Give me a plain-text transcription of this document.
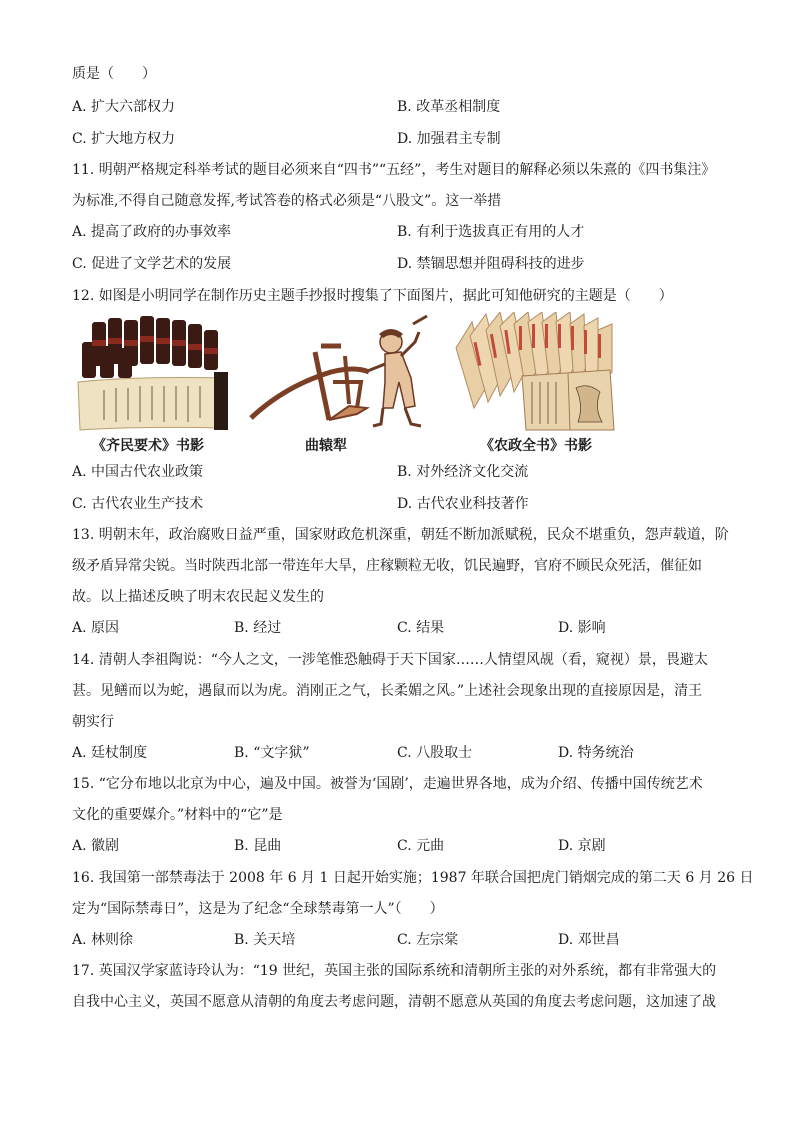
质是（　　）
A. 扩大六部权力	B. 改革丞相制度
C. 扩大地方权力	D. 加强君主专制
11. 明朝严格规定科举考试的题目必须来自“四书”“五经”，考生对题目的解释必须以朱熹的《四书集注》
为标准,不得自己随意发挥,考试答卷的格式必须是“八股文”。这一举措
A. 提高了政府的办事效率	B. 有利于选拔真正有用的人才
C. 促进了文学艺术的发展	D. 禁锢思想并阻碍科技的进步
12. 如图是小明同学在制作历史主题手抄报时搜集了下面图片，据此可知他研究的主题是（　　）
《齐民要术》书影	曲辕犁	《农政全书》书影
A. 中国古代农业政策	B. 对外经济文化交流
C. 古代农业生产技术	D. 古代农业科技著作
13. 明朝末年，政治腐败日益严重，国家财政危机深重，朝廷不断加派赋税，民众不堪重负，怨声载道，阶
级矛盾异常尖锐。当时陕西北部一带连年大旱，庄稼颗粒无收，饥民遍野，官府不顾民众死活，催征如
故。以上描述反映了明末农民起义发生的
A. 原因	B. 经过	C. 结果	D. 影响
14. 清朝人李祖陶说：“今人之文，一涉笔惟恐触碍于天下国家……人情望风觇（看，窥视）景，畏避太
甚。见鳝而以为蛇，遇鼠而以为虎。消刚正之气，长柔媚之风。”上述社会现象出现的直接原因是，清王
朝实行
A. 廷杖制度	B. “文字狱”	C. 八股取士	D. 特务统治
15. “它分布地以北京为中心，遍及中国。被誉为‘国剧’，走遍世界各地，成为介绍、传播中国传统艺术
文化的重要媒介。”材料中的“它”是
A. 徽剧	B. 昆曲	C. 元曲	D. 京剧
16. 我国第一部禁毒法于 2008 年 6 月 1 日起开始实施；1987 年联合国把虎门销烟完成的第二天 6 月 26 日
定为“国际禁毒日”，这是为了纪念“全球禁毒第一人”（　　）
A. 林则徐	B. 关天培	C. 左宗棠	D. 邓世昌
17. 英国汉学家蓝诗玲认为：“19 世纪，英国主张的国际系统和清朝所主张的对外系统，都有非常强大的
自我中心主义，英国不愿意从清朝的角度去考虑问题，清朝不愿意从英国的角度去考虑问题，这加速了战
